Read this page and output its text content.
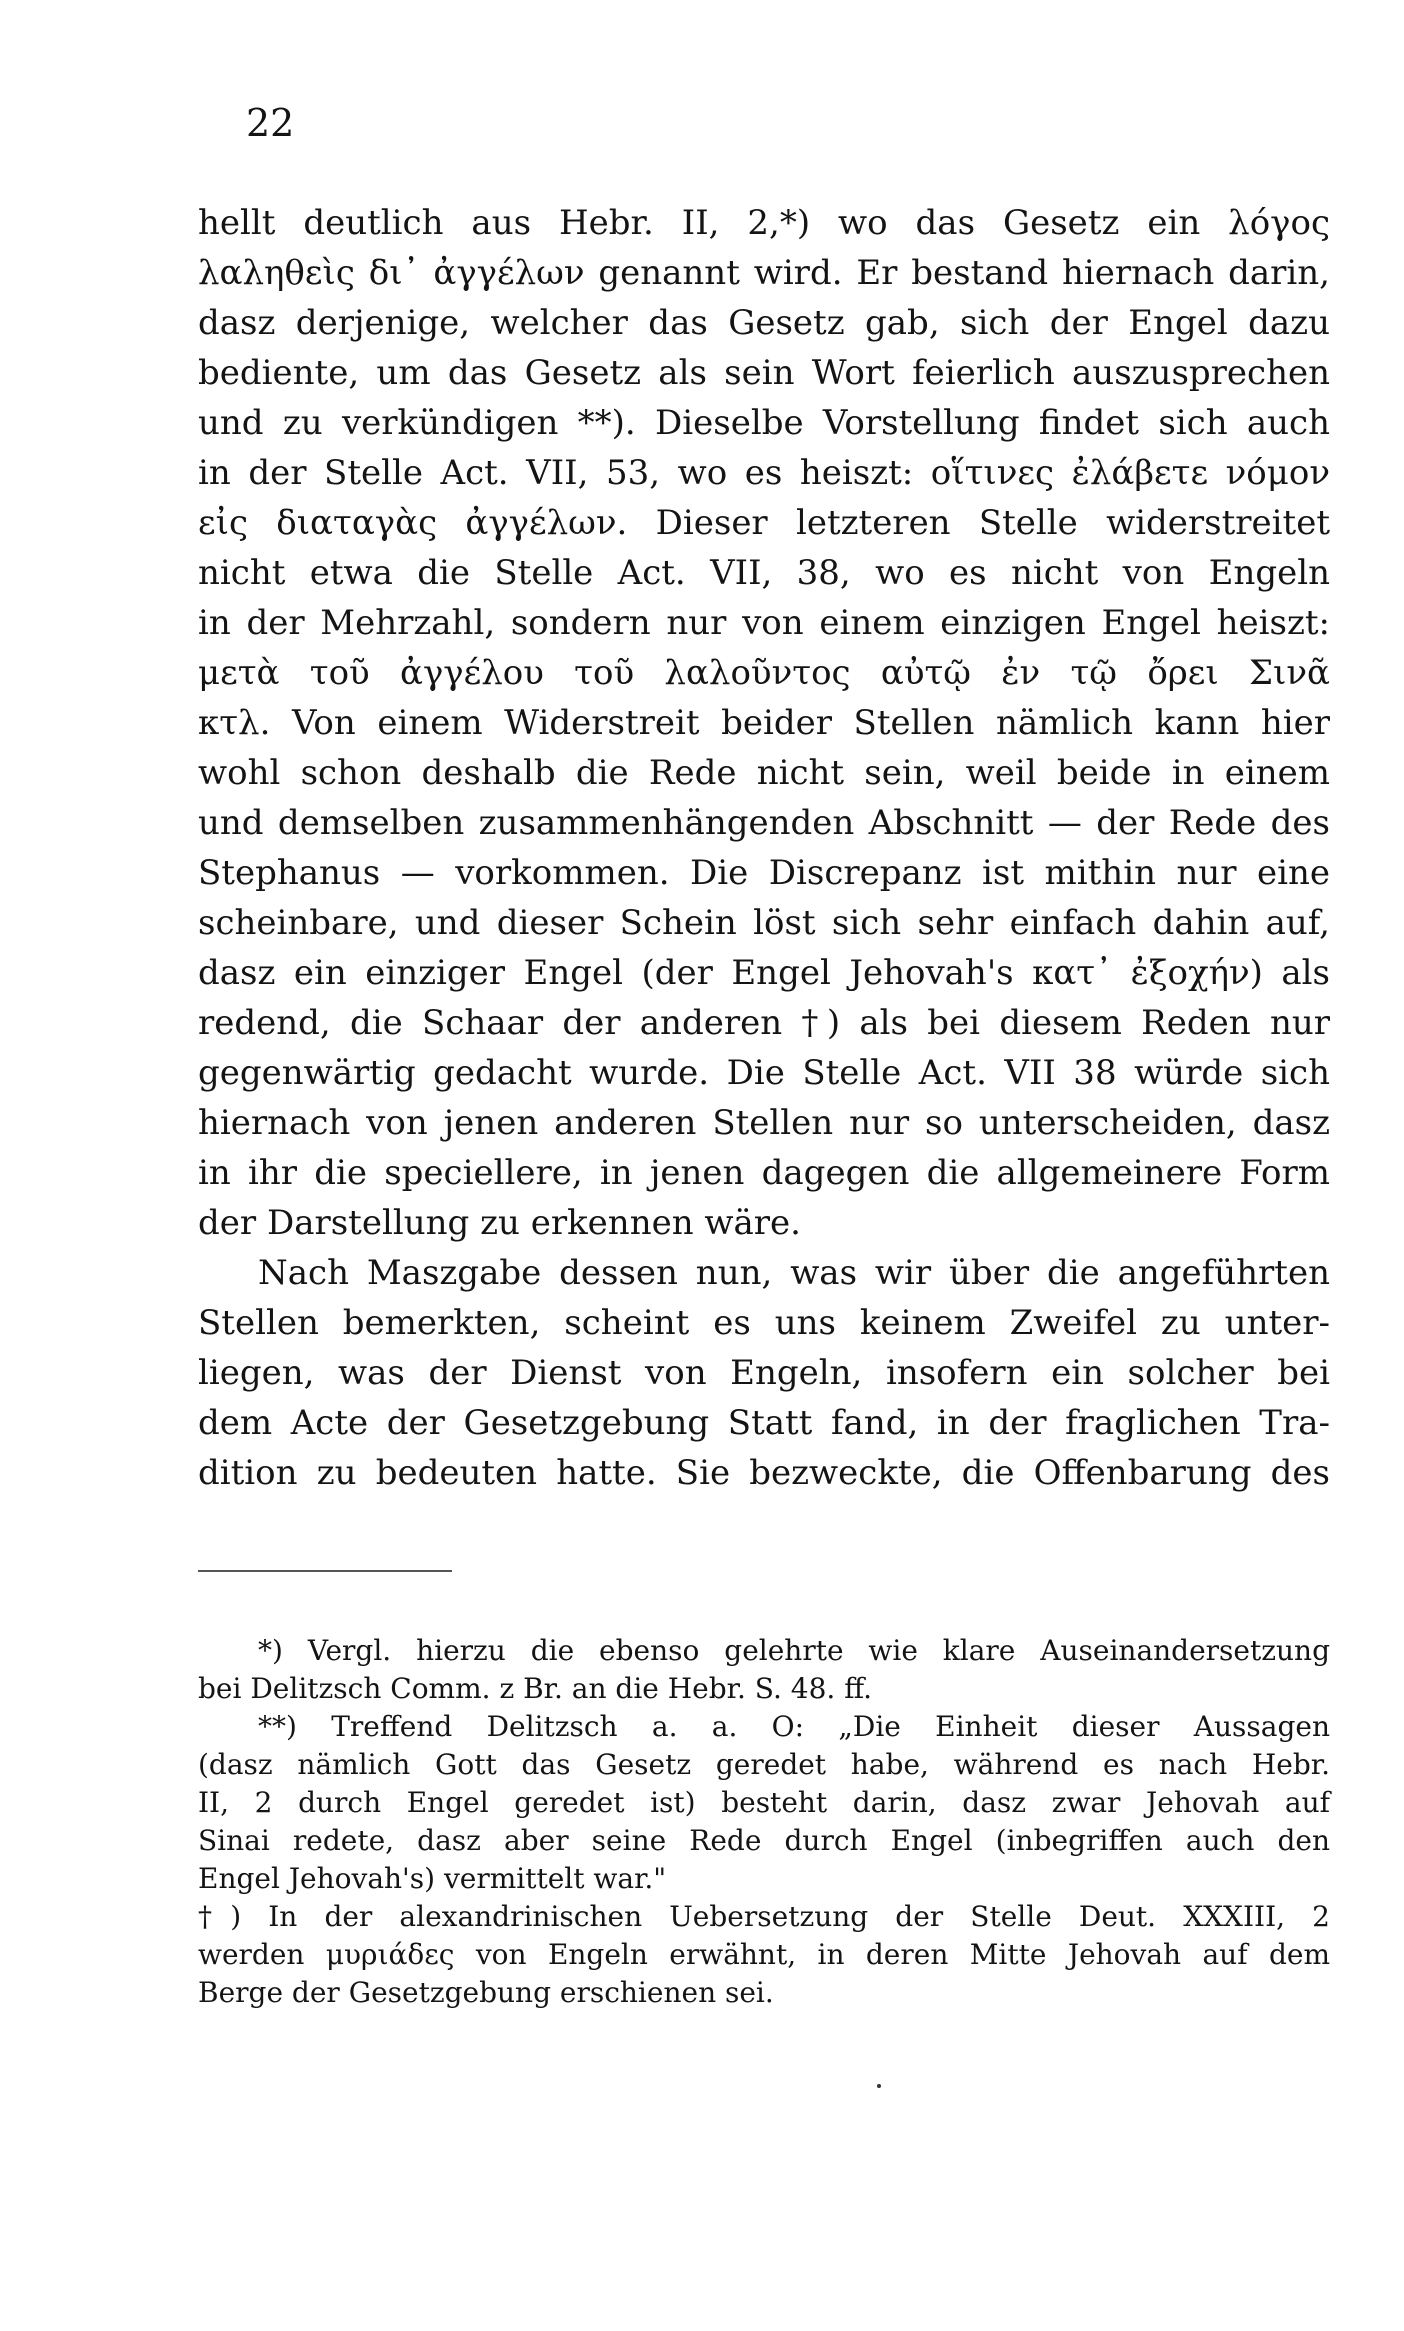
22
hellt deutlich aus Hebr. II, 2,*) wo das Gesetz ein λόγος
λαληθεὶς δι᾽ ἀγγέλων genannt wird. Er bestand hiernach darin,
dasz derjenige, welcher das Gesetz gab, sich der Engel dazu
bediente, um das Gesetz als sein Wort feierlich auszusprechen
und zu verkündigen **). Dieselbe Vorstellung findet sich auch
in der Stelle Act. VII, 53, wo es heiszt: οἵτινες ἐλάβετε νόμον
εἰς διαταγὰς ἀγγέλων. Dieser letzteren Stelle widerstreitet
nicht etwa die Stelle Act. VII, 38, wo es nicht von Engeln
in der Mehrzahl, sondern nur von einem einzigen Engel heiszt:
μετὰ τοῦ ἀγγέλου τοῦ λαλοῦντος αὐτῷ ἐν τῷ ὄρει Σινᾶ
κτλ. Von einem Widerstreit beider Stellen nämlich kann hier
wohl schon deshalb die Rede nicht sein, weil beide in einem
und demselben zusammenhängenden Abschnitt — der Rede des
Stephanus — vorkommen. Die Discrepanz ist mithin nur eine
scheinbare, und dieser Schein löst sich sehr einfach dahin auf,
dasz ein einziger Engel (der Engel Jehovah's κατ᾽ ἐξοχήν) als
redend, die Schaar der anderen †) als bei diesem Reden nur
gegenwärtig gedacht wurde. Die Stelle Act. VII 38 würde sich
hiernach von jenen anderen Stellen nur so unterscheiden, dasz
in ihr die speciellere, in jenen dagegen die allgemeinere Form
der Darstellung zu erkennen wäre.
Nach Maszgabe dessen nun, was wir über die angeführten
Stellen bemerkten, scheint es uns keinem Zweifel zu unter-
liegen, was der Dienst von Engeln, insofern ein solcher bei
dem Acte der Gesetzgebung Statt fand, in der fraglichen Tra-
dition zu bedeuten hatte. Sie bezweckte, die Offenbarung des
*) Vergl. hierzu die ebenso gelehrte wie klare Auseinandersetzung
bei Delitzsch Comm. z Br. an die Hebr. S. 48. ff.
**) Treffend Delitzsch a. a. O: „Die Einheit dieser Aussagen
(dasz nämlich Gott das Gesetz geredet habe, während es nach Hebr.
II, 2 durch Engel geredet ist) besteht darin, dasz zwar Jehovah auf
Sinai redete, dasz aber seine Rede durch Engel (inbegriffen auch den
Engel Jehovah's) vermittelt war."
†) In der alexandrinischen Uebersetzung der Stelle Deut. XXXIII, 2
werden μυριάδες von Engeln erwähnt, in deren Mitte Jehovah auf dem
Berge der Gesetzgebung erschienen sei.
